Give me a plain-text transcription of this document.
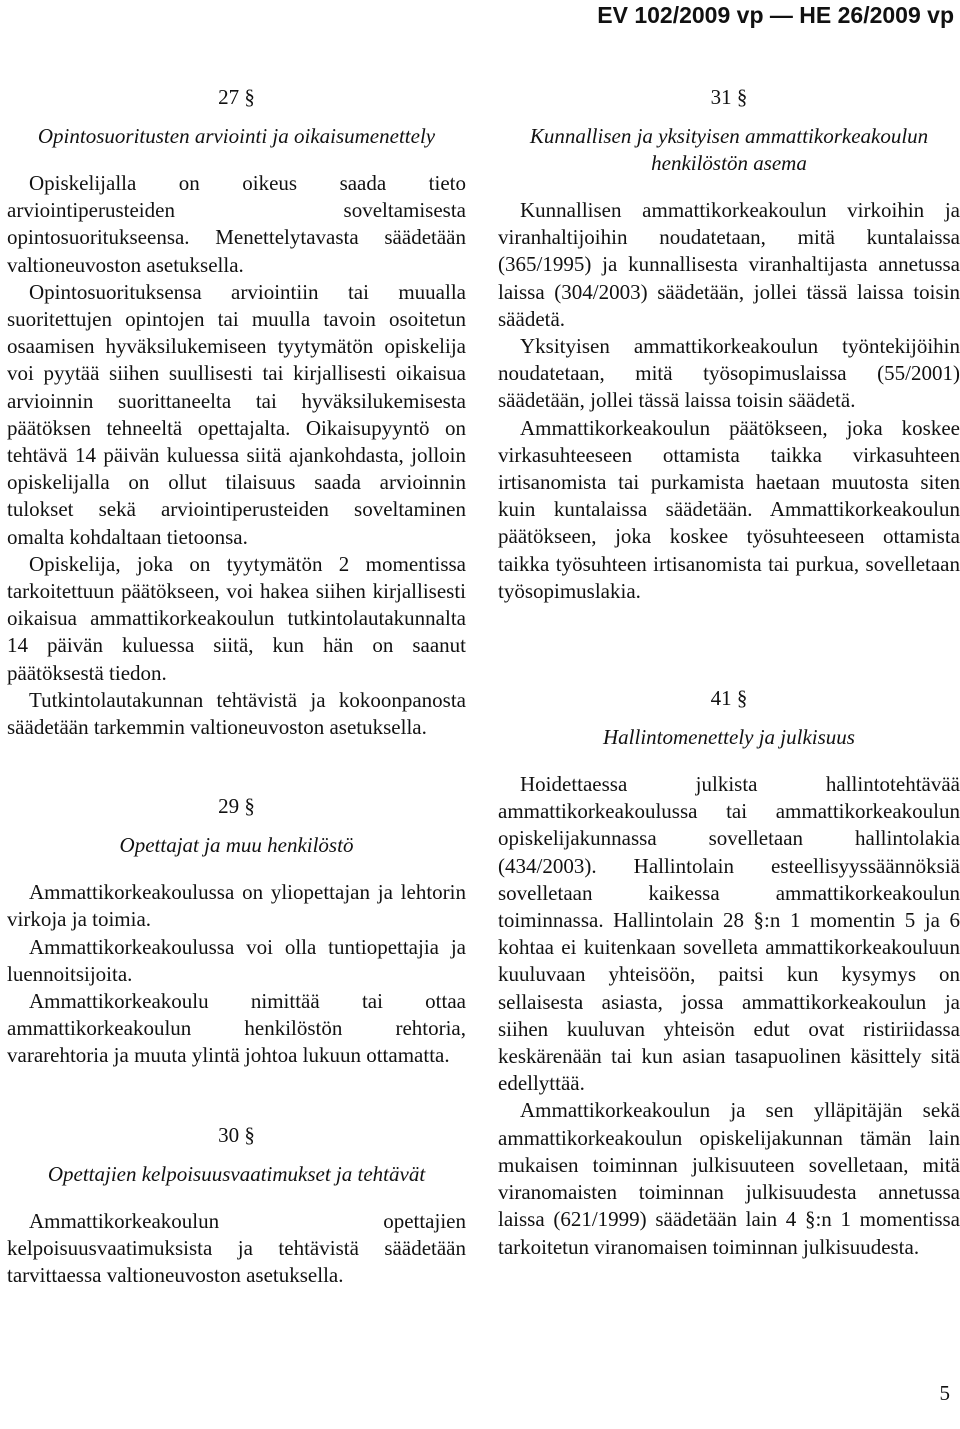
EV 102/2009 vp — HE 26/2009 vp
27 §
Opintosuoritusten arviointi ja oikaisumenettely

Opiskelijalla on oikeus saada tieto arviointiperusteiden soveltamisesta opintosuoritukseensa. Menettelytavasta säädetään valtioneuvoston asetuksella.

Opintosuorituksensa arviointiin tai muualla suoritettujen opintojen tai muulla tavoin osoitetun osaamisen hyväksilukemiseen tyytymätön opiskelija voi pyytää siihen suullisesti tai kirjallisesti oikaisua arvioinnin suorittaneelta tai hyväksilukemisesta päätöksen tehneeltä opettajalta. Oikaisupyyntö on tehtävä 14 päivän kuluessa siitä ajankohdasta, jolloin opiskelijalla on ollut tilaisuus saada arvioinnin tulokset sekä arviointiperusteiden soveltaminen omalta kohdaltaan tietoonsa.

Opiskelija, joka on tyytymätön 2 momentissa tarkoitettuun päätökseen, voi hakea siihen kirjallisesti oikaisua ammattikorkeakoulun tutkintolautakunnalta 14 päivän kuluessa siitä, kun hän on saanut päätöksestä tiedon.

Tutkintolautakunnan tehtävistä ja kokoonpanosta säädetään tarkemmin valtioneuvoston asetuksella.

29 §
Opettajat ja muu henkilöstö

Ammattikorkeakoulussa on yliopettajan ja lehtorin virkoja ja toimia.

Ammattikorkeakoulussa voi olla tuntiopettajia ja luennoitsijoita.

Ammattikorkeakoulu nimittää tai ottaa ammattikorkeakoulun henkilöstön rehtoria, vararehtoria ja muuta ylintä johtoa lukuun ottamatta.

30 §
Opettajien kelpoisuusvaatimukset ja tehtävät

Ammattikorkeakoulun opettajien kelpoisuusvaatimuksista ja tehtävistä säädetään tarvittaessa valtioneuvoston asetuksella.

31 §
Kunnallisen ja yksityisen ammattikorkeakoulun henkilöstön asema

Kunnallisen ammattikorkeakoulun virkoihin ja viranhaltijoihin noudatetaan, mitä kuntalaissa (365/1995) ja kunnallisesta viranhaltijasta annetussa laissa (304/2003) säädetään, jollei tässä laissa toisin säädetä.

Yksityisen ammattikorkeakoulun työntekijöihin noudatetaan, mitä työsopimuslaissa (55/2001) säädetään, jollei tässä laissa toisin säädetä.

Ammattikorkeakoulun päätökseen, joka koskee virkasuhteeseen ottamista taikka virkasuhteen irtisanomista tai purkamista haetaan muutosta siten kuin kuntalaissa säädetään. Ammattikorkeakoulun päätökseen, joka koskee työsuhteeseen ottamista taikka työsuhteen irtisanomista tai purkua, sovelletaan työsopimuslakia.

41 §
Hallintomenettely ja julkisuus

Hoidettaessa julkista hallintotehtävää ammattikorkeakoulussa tai ammattikorkeakoulun opiskelijakunnassa sovelletaan hallintolakia (434/2003). Hallintolain esteellisyyssäännöksiä sovelletaan kaikessa ammattikorkeakoulun toiminnassa. Hallintolain 28 §:n 1 momentin 5 ja 6 kohtaa ei kuitenkaan sovelleta ammattikorkeakouluun kuuluvaan yhteisöön, paitsi kun kysymys on sellaisesta asiasta, jossa ammattikorkeakoulun ja siihen kuuluvan yhteisön edut ovat ristiriidassa keskärenään tai kun asian tasapuolinen käsittely sitä edellyttää.

Ammattikorkeakoulun ja sen ylläpitäjän sekä ammattikorkeakoulun opiskelijakunnan tämän lain mukaisen toiminnan julkisuuteen sovelletaan, mitä viranomaisten toiminnan julkisuudesta annetussa laissa (621/1999) säädetään lain 4 §:n 1 momentissa tarkoitetun viranomaisen toiminnan julkisuudesta.

5
